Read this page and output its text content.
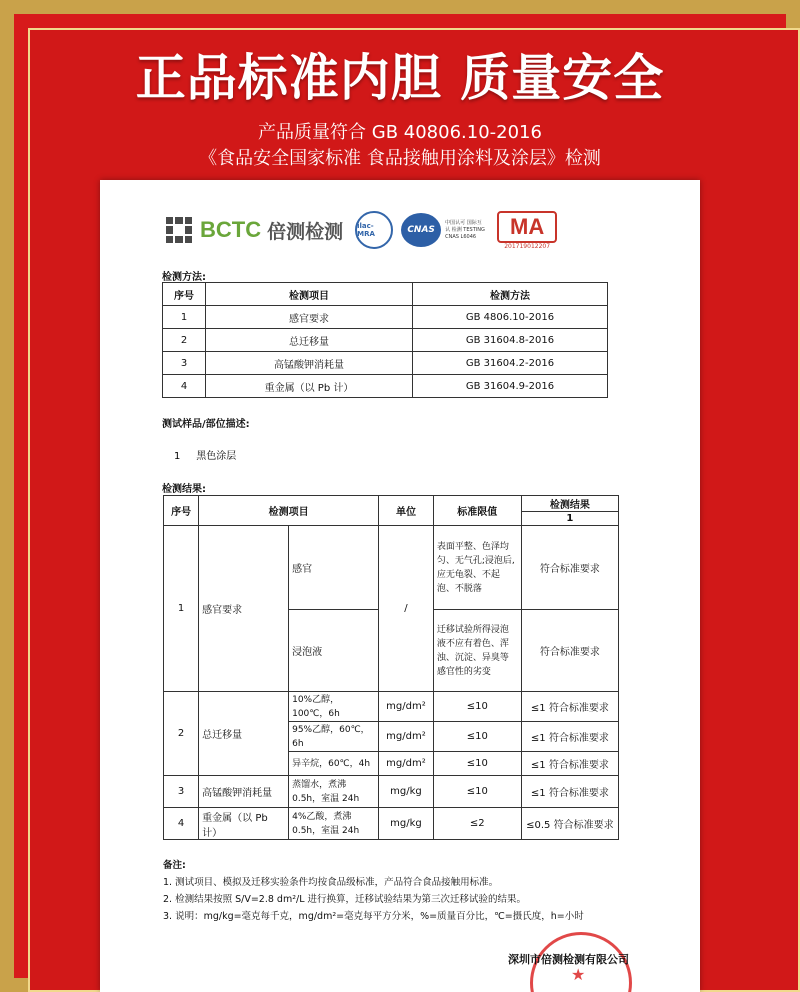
正品标准内胆 质量安全
产品质量符合 GB 40806.10-2016
《食品安全国家标准 食品接触用涂料及涂层》检测
BCTC 倍测检测 ilac-MRA	CNAS
中国认可 国际互认 检测 TESTING CNAS L6046	MA
201719012207
检测方法:
序号	检测项目	检测方法
1	感官要求	GB 4806.10-2016
2	总迁移量	GB 31604.8-2016
3	高锰酸钾消耗量	GB 31604.2-2016
4	重金属（以 Pb 计）	GB 31604.9-2016
测试样品/部位描述:
1 黑色涂层
检测结果:
序号	检测项目		单位	标准限值	检测结果
					1
1	感官要求	感官	/	表面平整、色泽均匀、无气孔;浸泡后,应无龟裂、不起泡、不脱落	符合标准要求
		浸泡液		迁移试验所得浸泡液不应有着色、浑浊、沉淀、异臭等感官性的劣变	符合标准要求
2	总迁移量	10%乙醇，100℃，6h	mg/dm²	≤10	≤1 符合标准要求
		95%乙醇，60℃，6h	mg/dm²	≤10	≤1 符合标准要求
		异辛烷，60℃，4h	mg/dm²	≤10	≤1 符合标准要求
3	高锰酸钾消耗量	蒸馏水，煮沸 0.5h，室温 24h	mg/kg	≤10	≤1 符合标准要求
4	重金属（以 Pb 计）	4%乙酸，煮沸 0.5h，室温 24h	mg/kg	≤2	≤0.5 符合标准要求
备注:
1. 测试项目、模拟及迁移实验条件均按食品级标准，产品符合食品接触用标准。
2. 检测结果按照 S/V=2.8 dm²/L 进行换算，迁移试验结果为第三次迁移试验的结果。
3. 说明：mg/kg=毫克每千克，mg/dm²=毫克每平方分米，%=质量百分比，℃=摄氏度，h=小时
★
深圳市倍测检测有限公司
